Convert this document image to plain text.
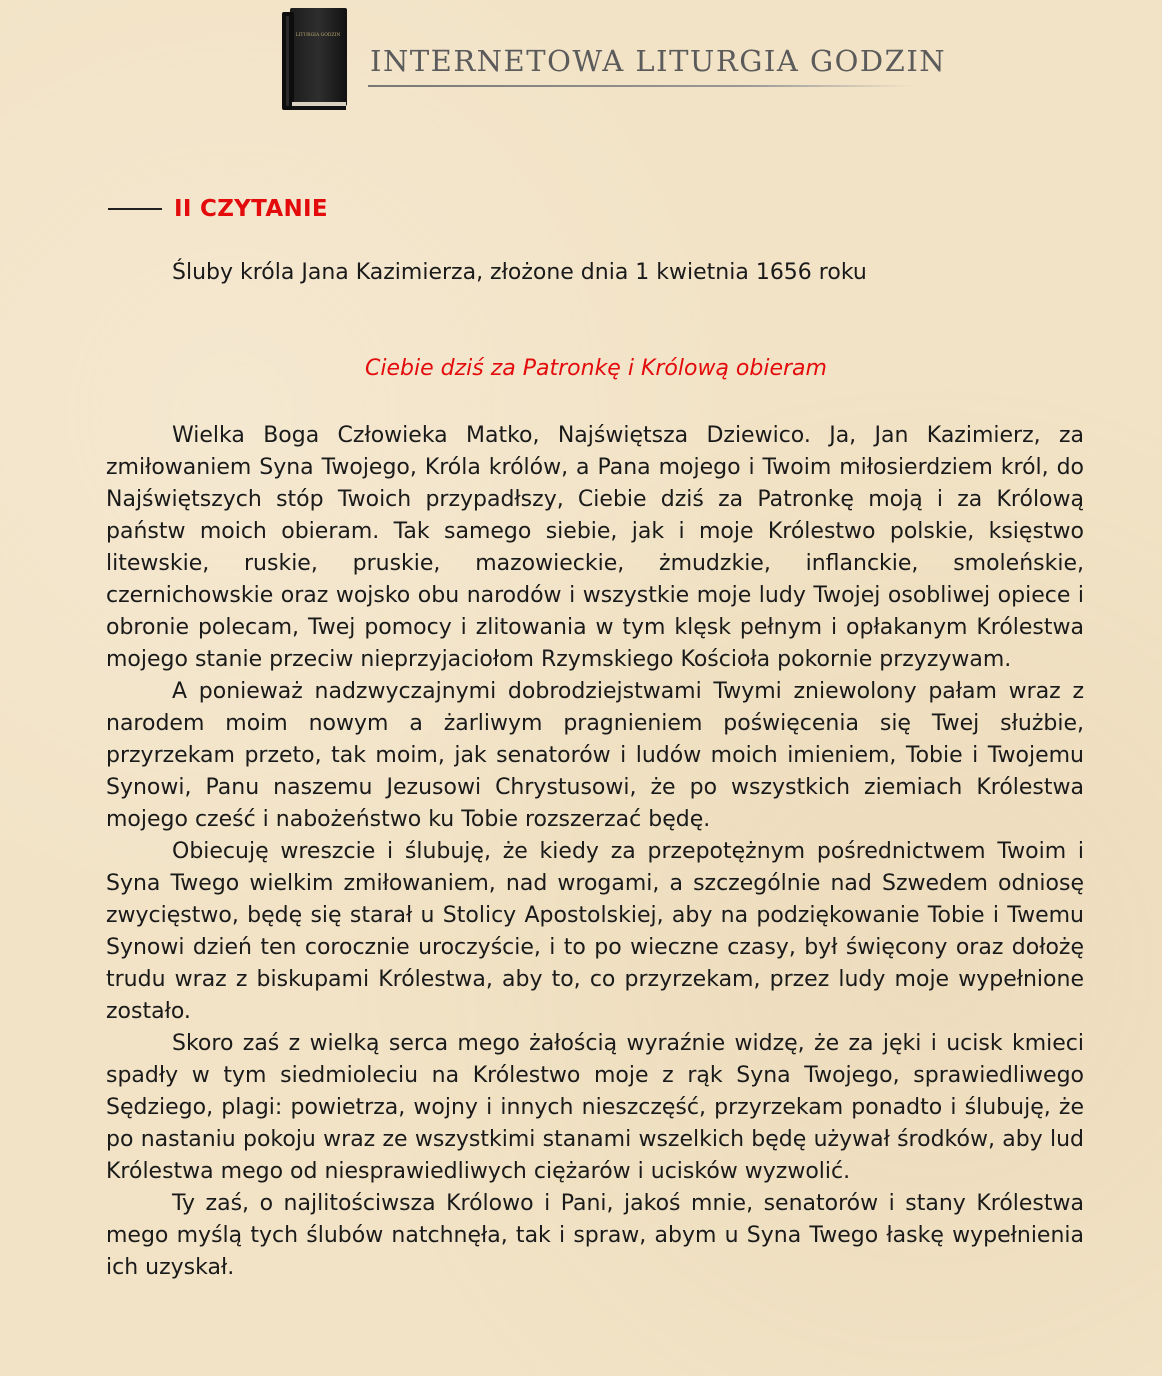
LITURGIA GODZIN
INTERNETOWA LITURGIA GODZIN
II CZYTANIE
Śluby króla Jana Kazimierza, złożone dnia 1 kwietnia 1656 roku
Ciebie dziś za Patronkę i Królową obieram

Wielka Boga Człowieka Matko, Najświętsza Dziewico. Ja, Jan Kazimierz, za zmiłowaniem Syna Twojego, Króla królów, a Pana mojego i Twoim miłosierdziem król, do Najświętszych stóp Twoich przypadłszy, Ciebie dziś za Patronkę moją i za Królową państw moich obieram. Tak samego siebie, jak i moje Królestwo polskie, księstwo litewskie, ruskie, pruskie, mazowieckie, żmudzkie, inflanckie, smoleńskie, czernichowskie oraz wojsko obu narodów i wszystkie moje ludy Twojej osobliwej opiece i obronie polecam, Twej pomocy i zlitowania w tym klęsk pełnym i opłakanym Królestwa mojego stanie przeciw nieprzyjaciołom Rzymskiego Kościoła pokornie przyzywam.

A ponieważ nadzwyczajnymi dobrodziejstwami Twymi zniewolony pałam wraz z narodem moim nowym a żarliwym pragnieniem poświęcenia się Twej służbie, przyrzekam przeto, tak moim, jak senatorów i ludów moich imieniem, Tobie i Twojemu Synowi, Panu naszemu Jezusowi Chrystusowi, że po wszystkich ziemiach Królestwa mojego cześć i nabożeństwo ku Tobie rozszerzać będę.

Obiecuję wreszcie i ślubuję, że kiedy za przepotężnym pośrednictwem Twoim i Syna Twego wielkim zmiłowaniem, nad wrogami, a szczególnie nad Szwedem odniosę zwycięstwo, będę się starał u Stolicy Apostolskiej, aby na podziękowanie Tobie i Twemu Synowi dzień ten corocznie uroczyście, i to po wieczne czasy, był święcony oraz dołożę trudu wraz z biskupami Królestwa, aby to, co przyrzekam, przez ludy moje wypełnione zostało.

Skoro zaś z wielką serca mego żałością wyraźnie widzę, że za jęki i ucisk kmieci spadły w tym siedmioleciu na Królestwo moje z rąk Syna Twojego, sprawiedliwego Sędziego, plagi: powietrza, wojny i innych nieszczęść, przyrzekam ponadto i ślubuję, że po nastaniu pokoju wraz ze wszystkimi stanami wszelkich będę używał środków, aby lud Królestwa mego od niesprawiedliwych ciężarów i ucisków wyzwolić.

Ty zaś, o najlitościwsza Królowo i Pani, jakoś mnie, senatorów i stany Królestwa mego myślą tych ślubów natchnęła, tak i spraw, abym u Syna Twego łaskę wypełnienia ich uzyskał.
